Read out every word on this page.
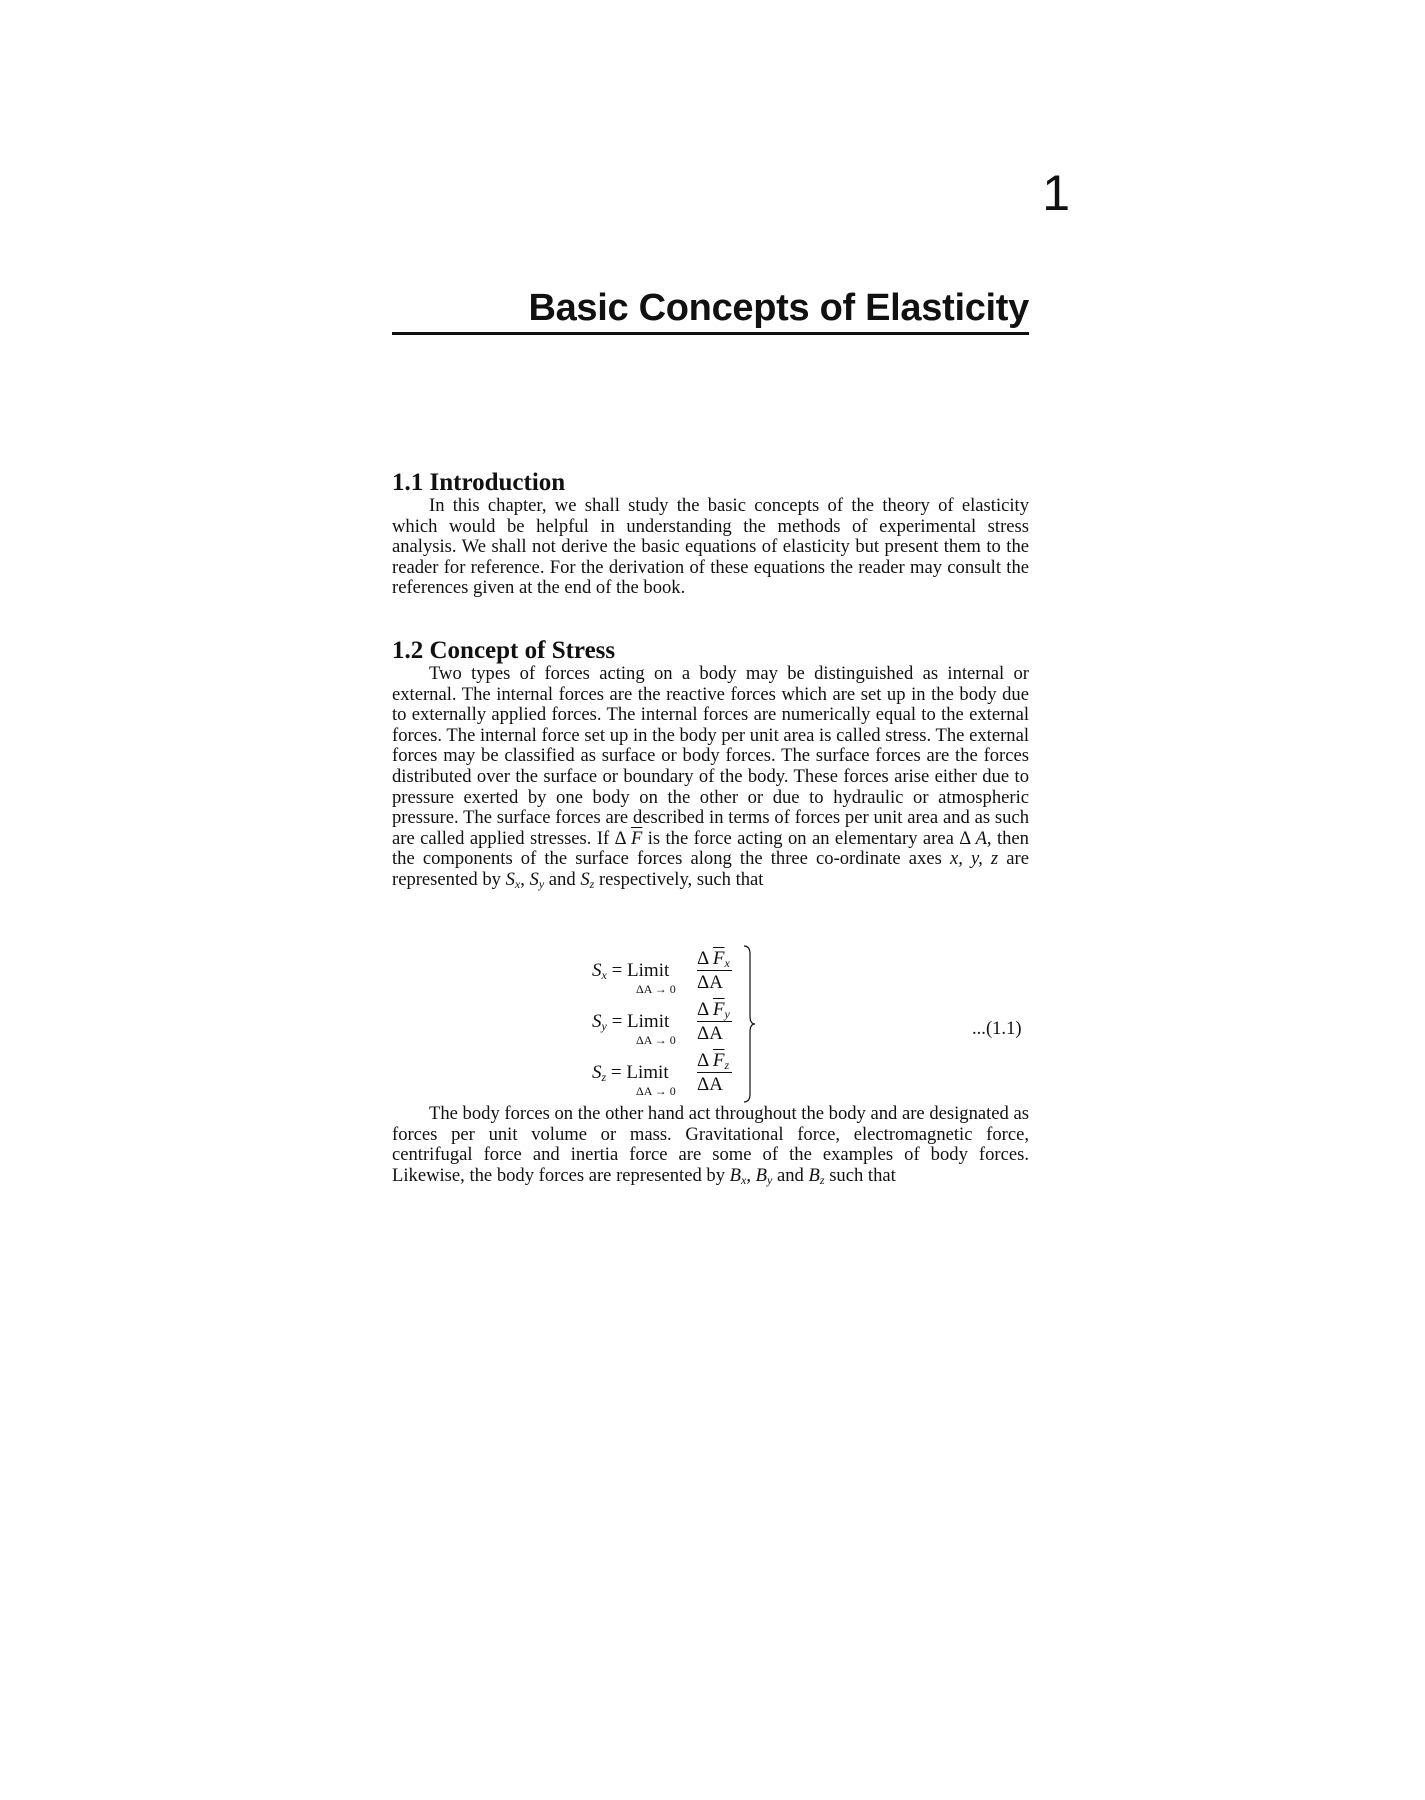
1
Basic Concepts of Elasticity
1.1 Introduction

In this chapter, we shall study the basic concepts of the theory of elasticity which would be helpful in understanding the methods of experimental stress analysis. We shall not derive the basic equations of elasticity but present them to the reader for reference. For the derivation of these equations the reader may consult the references given at the end of the book.

1.2 Concept of Stress

Two types of forces acting on a body may be distinguished as internal or external. The internal forces are the reactive forces which are set up in the body due to externally applied forces. The internal forces are numerically equal to the external forces. The internal force set up in the body per unit area is called stress. The external forces may be classified as surface or body forces. The surface forces are the forces distributed over the surface or boundary of the body. These forces arise either due to pressure exerted by one body on the other or due to hydraulic or atmospheric pressure. The surface forces are described in terms of forces per unit area and as such are called applied stresses. If Δ $\overline{F}$ is the force acting on an elementary area Δ A, then the components of the surface forces along the three co-ordinate axes x, y, z are represented by $S_x$, $S_y$ and $S_z$ respectively, such that

$S_x$ = Limit
ΔA → 0
Δ $\overline{F}_x$
ΔA
$S_y$ = Limit
ΔA → 0
Δ $\overline{F}_y$
ΔA
$S_z$ = Limit
ΔA → 0
Δ $\overline{F}_z$
ΔA
...(1.1)

The body forces on the other hand act throughout the body and are designated as forces per unit volume or mass. Gravitational force, electromagnetic force, centrifugal force and inertia force are some of the examples of body forces. Likewise, the body forces are represented by $B_x$, $B_y$ and $B_z$ such that
